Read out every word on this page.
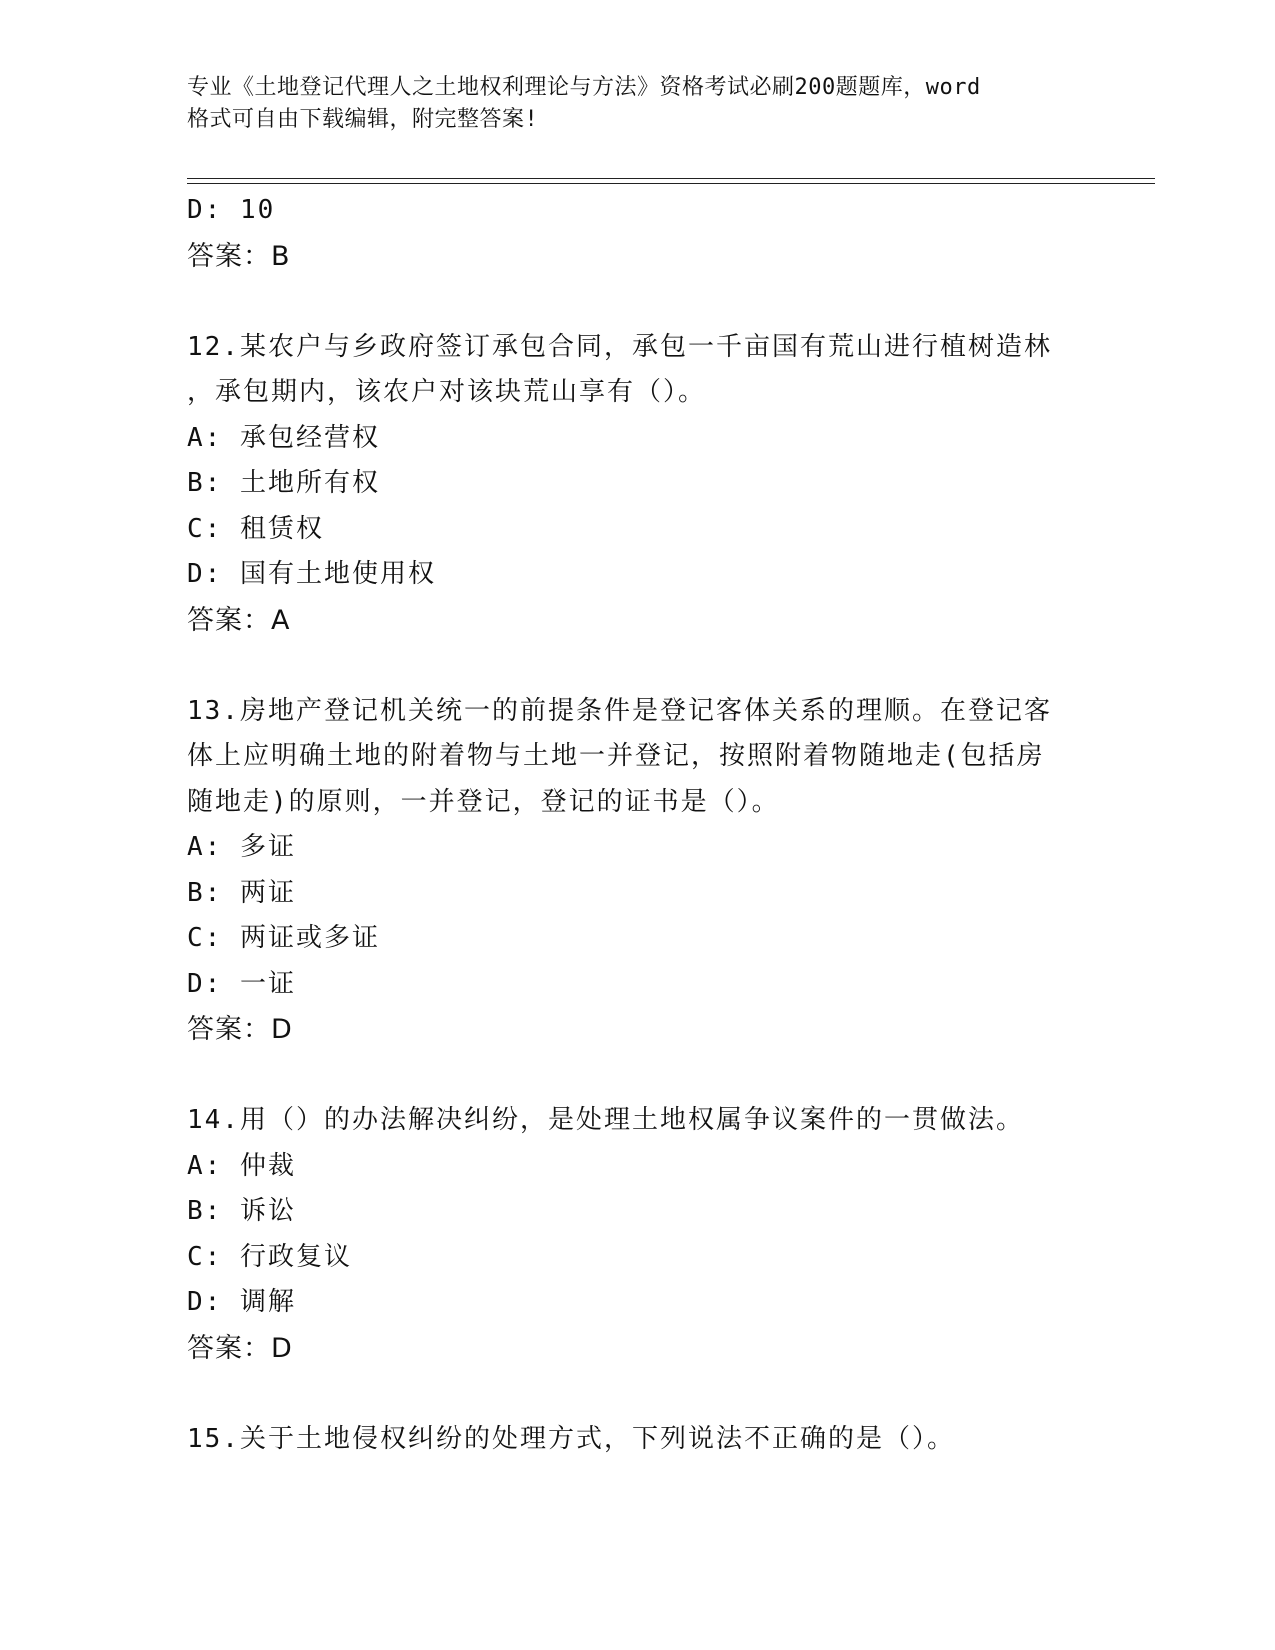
专业《土地登记代理人之土地权利理论与方法》资格考试必刷200题题库，word
格式可自由下载编辑，附完整答案!
D: 10
答案：B
12.某农户与乡政府签订承包合同，承包一千亩国有荒山进行植树造林
，承包期内，该农户对该块荒山享有（）。
A: 承包经营权
B: 土地所有权
C: 租赁权
D: 国有土地使用权
答案：A
13.房地产登记机关统一的前提条件是登记客体关系的理顺。在登记客
体上应明确土地的附着物与土地一并登记，按照附着物随地走(包括房
随地走)的原则，一并登记，登记的证书是（）。
A: 多证
B: 两证
C: 两证或多证
D: 一证
答案：D
14.用（）的办法解决纠纷，是处理土地权属争议案件的一贯做法。
A: 仲裁
B: 诉讼
C: 行政复议
D: 调解
答案：D
15.关于土地侵权纠纷的处理方式，下列说法不正确的是（）。
